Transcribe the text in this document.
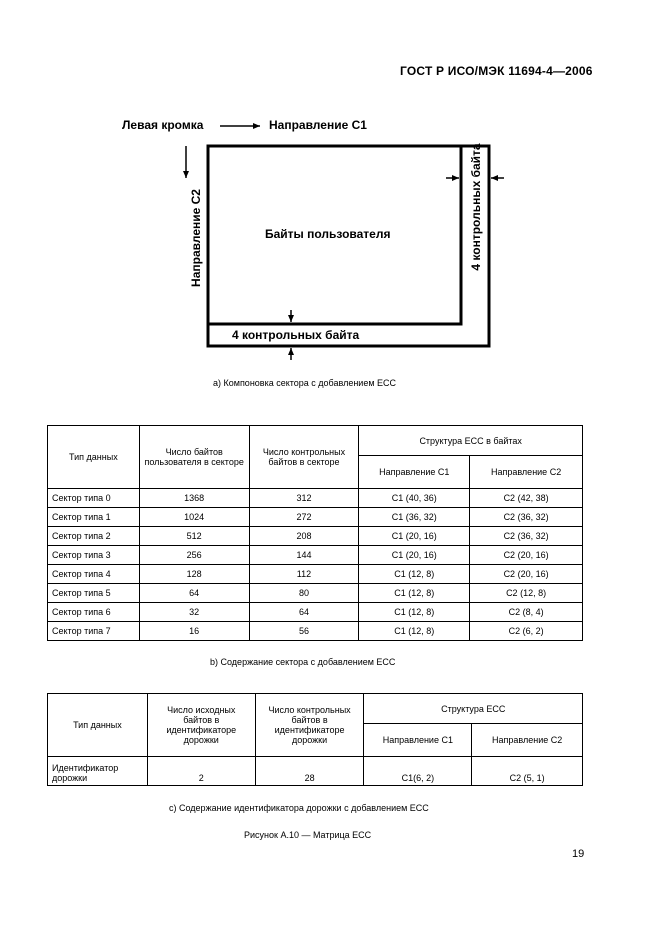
ГОСТ Р ИСО/МЭК 11694-4—2006
Левая кромка	Направление С1
Направление С2	Байты пользователя
4 контрольных байта
4 контрольных байта
а) Компоновка сектора с добавлением ЕСС
Тип данных	Число байтов пользователя в секторе	Число контрольных байтов в секторе	Структура ЕСС в байтах	
			Направление С1	Направление С2
Сектор типа 0	1368	312	С1 (40, 36)	С2 (42, 38)
Сектор типа 1	1024	272	С1 (36, 32)	С2 (36, 32)
Сектор типа 2	512	208	С1 (20, 16)	С2 (36, 32)
Сектор типа 3	256	144	С1 (20, 16)	С2 (20, 16)
Сектор типа 4	128	112	С1 (12, 8)	С2 (20, 16)
Сектор типа 5	64	80	С1 (12, 8)	С2 (12, 8)
Сектор типа 6	32	64	С1 (12, 8)	С2 (8, 4)
Сектор типа 7	16	56	С1 (12, 8)	С2 (6, 2)
b) Содержание сектора с добавлением ЕСС
Тип данных	Число исходных байтов в идентификаторе дорожки	Число контрольных байтов в идентификаторе дорожки	Структура ЕСС	
			Направление С1	Направление С2
Идентификатор дорожки	2	28	С1(6, 2)	С2 (5, 1)
с) Содержание идентификатора дорожки с добавлением ЕСС
Рисунок А.10 — Матрица ЕСС
19
